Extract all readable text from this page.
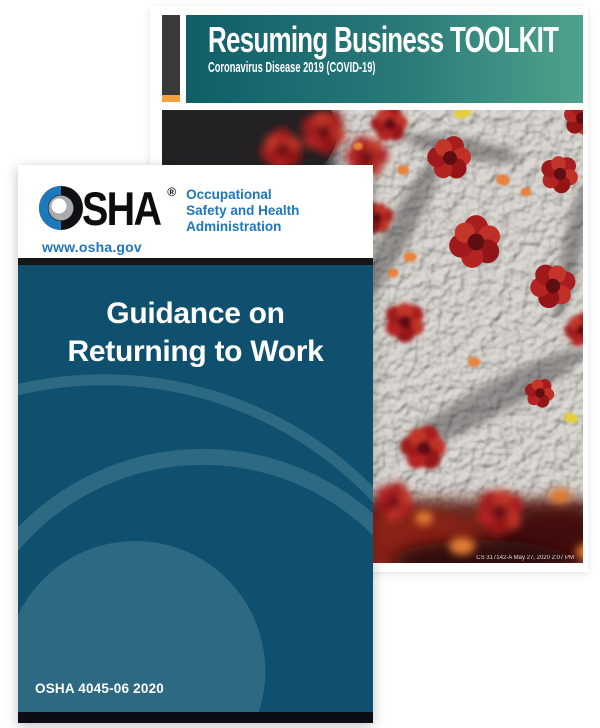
Resuming Business TOOLKIT
Coronavirus Disease 2019 (COVID-19)
CS 317142-A May 27, 2020 2:07 PM
SHA ® Occupational
Safety and Health
Administration
www.osha.gov
Guidance on
Returning to Work
OSHA 4045-06 2020
